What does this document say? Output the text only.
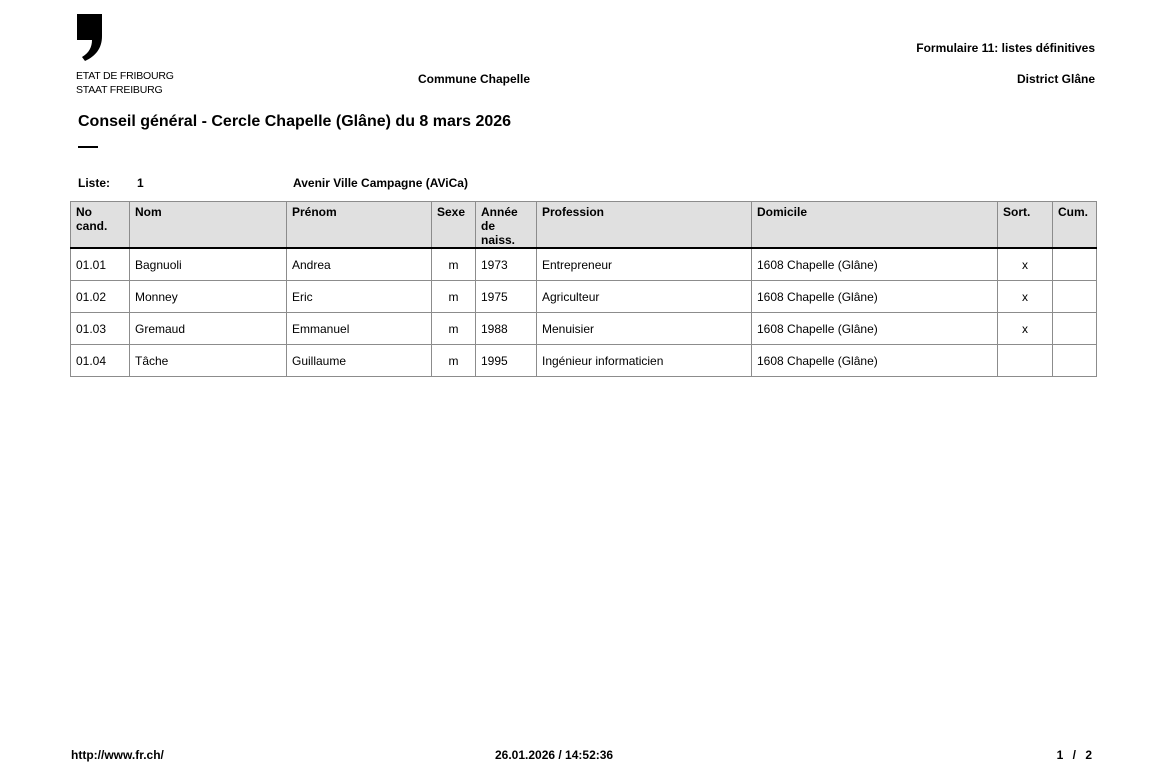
ETAT DE FRIBOURG
STAAT FREIBURG
Formulaire 11: listes définitives
Commune Chapelle	District Glâne
Conseil général - Cercle Chapelle (Glâne) du 8 mars 2026
Liste: 1	Avenir Ville Campagne (AViCa)
No cand.	Nom	Prénom	Sexe	Année de naiss.	Profession	Domicile	Sort.	Cum.
01.01	Bagnuoli	Andrea	m	1973	Entrepreneur	1608 Chapelle (Glâne)	x	
01.02	Monney	Eric	m	1975	Agriculteur	1608 Chapelle (Glâne)	x	
01.03	Gremaud	Emmanuel	m	1988	Menuisier	1608 Chapelle (Glâne)	x	
01.04	Tâche	Guillaume	m	1995	Ingénieur informaticien	1608 Chapelle (Glâne)		
http://www.fr.ch/	26.01.2026 / 14:52:36	1 / 2
